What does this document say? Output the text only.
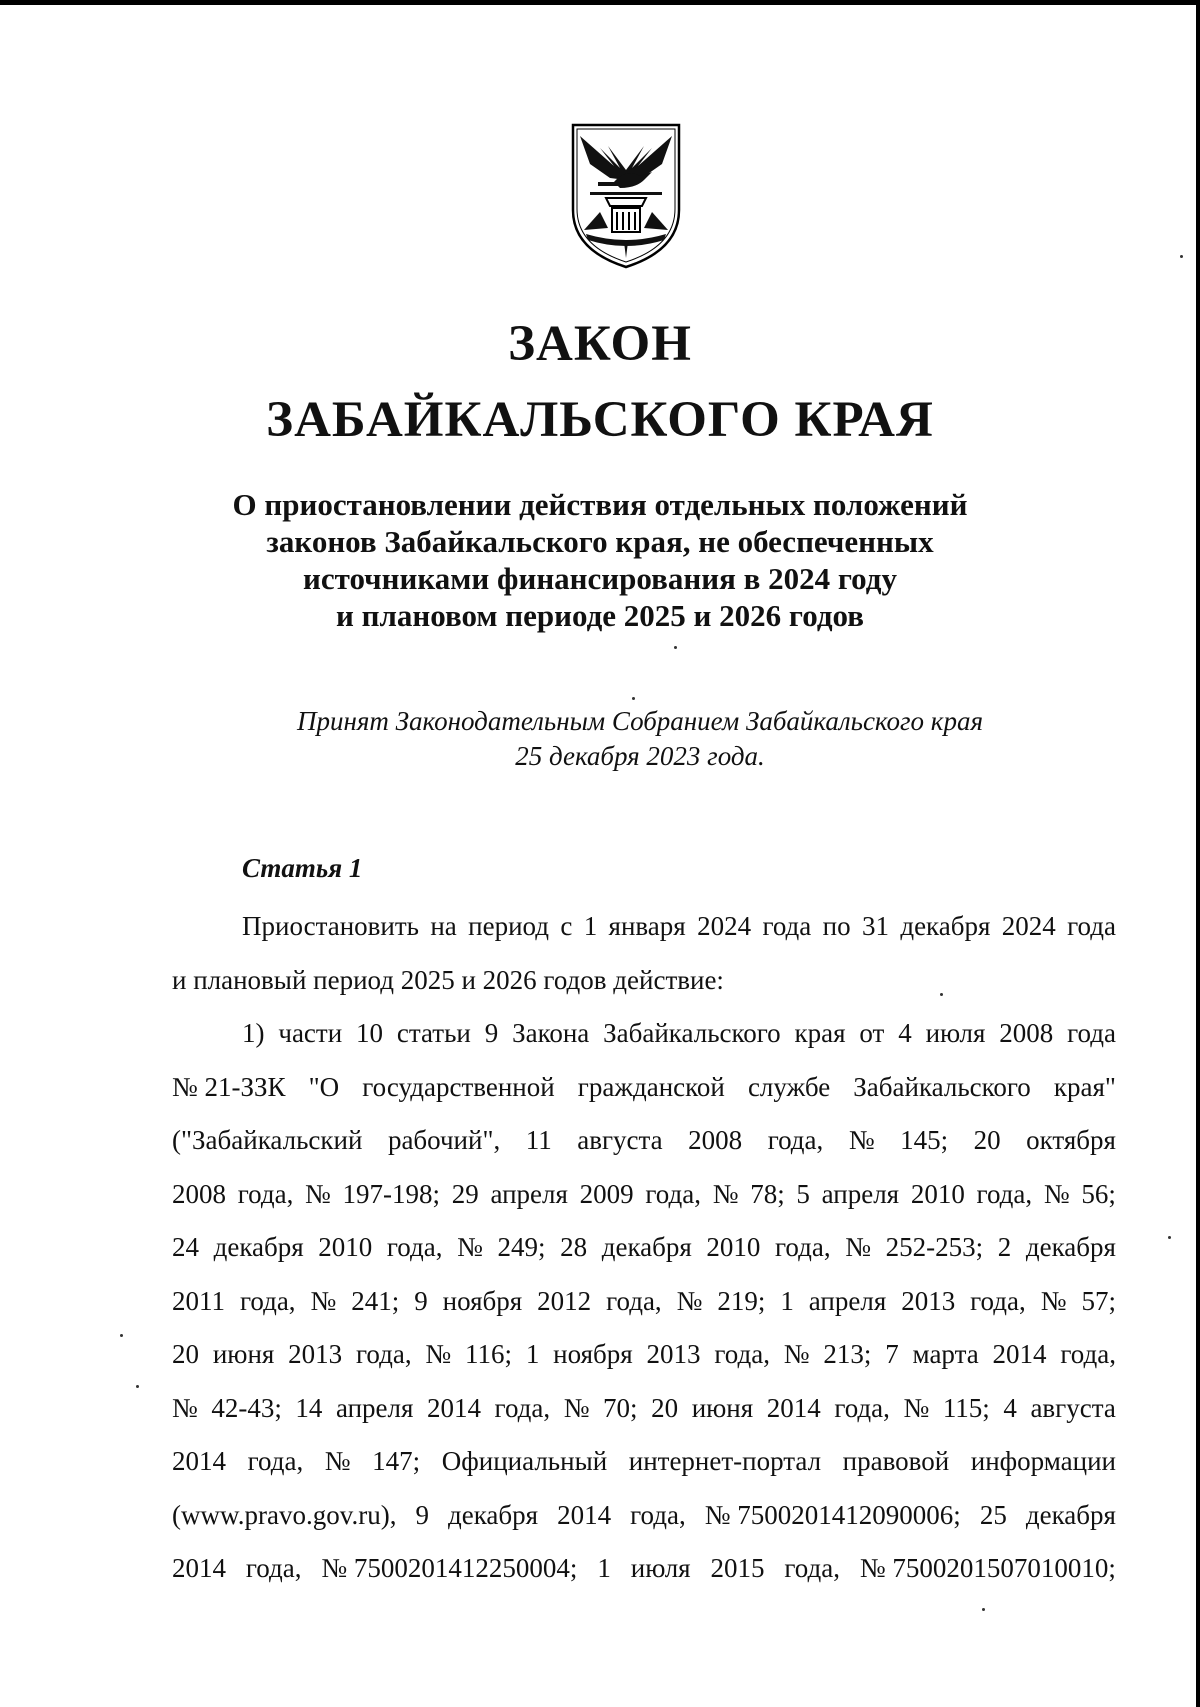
ЗАКОН
ЗАБАЙКАЛЬСКОГО КРАЯ
О приостановлении действия отдельных положений
законов Забайкальского края, не обеспеченных
источниками финансирования в 2024 году
и плановом периоде 2025 и 2026 годов
Принят Законодательным Собранием Забайкальского края
25 декабря 2023 года.
Статья 1
Приостановить на период с 1 января 2024 года по 31 декабря 2024 года
и плановый период 2025 и 2026 годов действие:
1) части 10 статьи 9 Закона Забайкальского края от 4 июля 2008 года
№ 21-ЗЗК "О государственной гражданской службе Забайкальского края"
("Забайкальский рабочий", 11 августа 2008 года, № 145; 20 октября
2008 года, № 197-198; 29 апреля 2009 года, № 78; 5 апреля 2010 года, № 56;
24 декабря 2010 года, № 249; 28 декабря 2010 года, № 252-253; 2 декабря
2011 года, № 241; 9 ноября 2012 года, № 219; 1 апреля 2013 года, № 57;
20 июня 2013 года, № 116; 1 ноября 2013 года, № 213; 7 марта 2014 года,
№ 42-43; 14 апреля 2014 года, № 70; 20 июня 2014 года, № 115; 4 августа
2014 года, № 147; Официальный интернет-портал правовой информации
(www.pravo.gov.ru), 9 декабря 2014 года, № 7500201412090006; 25 декабря
2014 года, № 7500201412250004; 1 июля 2015 года, № 7500201507010010;
